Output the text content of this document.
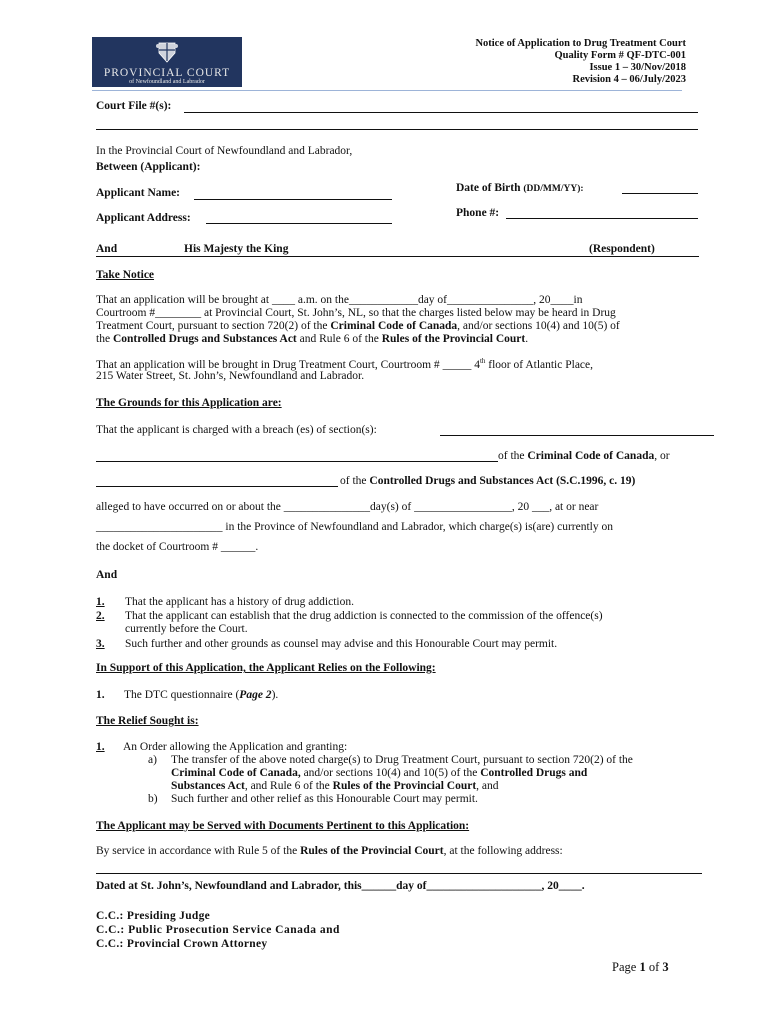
PROVINCIAL COURT
of Newfoundland and Labrador
Notice of Application to Drug Treatment Court
Quality Form # QF-DTC-001
Issue 1 – 30/Nov/2018
Revision 4 – 06/July/2023
Court File #(s):
In the Provincial Court of Newfoundland and Labrador,
Between (Applicant):
Applicant Name:	Date of Birth (DD/MM/YY):
Applicant Address:	Phone #:
And	His Majesty the King	(Respondent)
Take Notice
That an application will be brought at ____ a.m. on the____________day of_______________, 20____in
Courtroom #________ at Provincial Court, St. John’s, NL, so that the charges listed below may be heard in Drug
Treatment Court, pursuant to section 720(2) of the Criminal Code of Canada, and/or sections 10(4) and 10(5) of
the Controlled Drugs and Substances Act and Rule 6 of the Rules of the Provincial Court.
That an application will be brought in Drug Treatment Court, Courtroom # _____ 4th floor of Atlantic Place,
215 Water Street, St. John’s, Newfoundland and Labrador.
The Grounds for this Application are:
That the applicant is charged with a breach (es) of section(s):
of the Criminal Code of Canada, or
of the Controlled Drugs and Substances Act (S.C.1996, c. 19)
alleged to have occurred on or about the _______________day(s) of _________________, 20 ___, at or near
______________________ in the Province of Newfoundland and Labrador, which charge(s) is(are) currently on
the docket of Courtroom # ______.
And
1. That the applicant has a history of drug addiction.
2. That the applicant can establish that the drug addiction is connected to the commission of the offence(s)
currently before the Court.
3. Such further and other grounds as counsel may advise and this Honourable Court may permit.
In Support of this Application, the Applicant Relies on the Following:
1. The DTC questionnaire (Page 2).
The Relief Sought is:
1. An Order allowing the Application and granting:
a) The transfer of the above noted charge(s) to Drug Treatment Court, pursuant to section 720(2) of the
Criminal Code of Canada, and/or sections 10(4) and 10(5) of the Controlled Drugs and
Substances Act, and Rule 6 of the Rules of the Provincial Court, and
b) Such further and other relief as this Honourable Court may permit.
The Applicant may be Served with Documents Pertinent to this Application:
By service in accordance with Rule 5 of the Rules of the Provincial Court, at the following address:
Dated at St. John’s, Newfoundland and Labrador, this______day of____________________, 20____.
C.C.: Presiding Judge
C.C.: Public Prosecution Service Canada and
C.C.: Provincial Crown Attorney
Page 1 of 3
